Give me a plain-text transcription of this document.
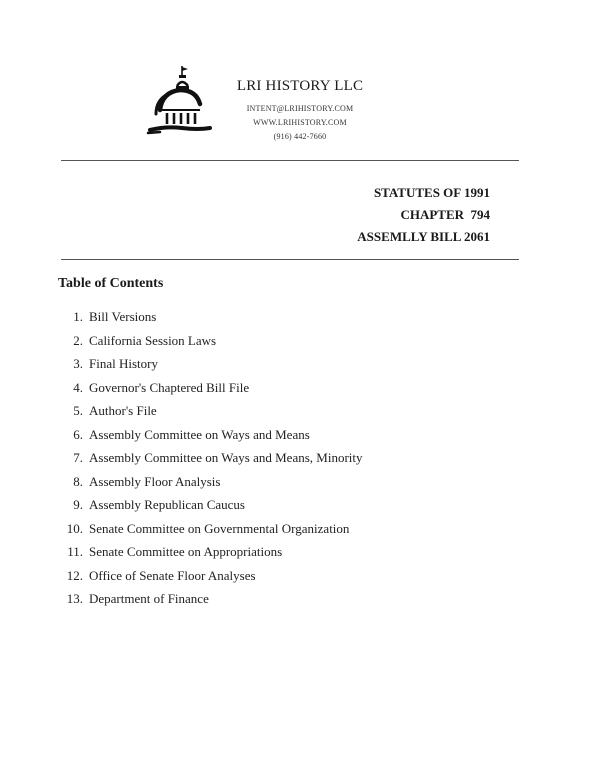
LRI HISTORY LLC
INTENT@LRIHISTORY.COM
WWW.LRIHISTORY.COM
(916) 442-7660
STATUTES OF 1991
CHAPTER  794
ASSEMLLY BILL 2061
Table of Contents
1. Bill Versions
2. California Session Laws
3. Final History
4. Governor's Chaptered Bill File
5. Author's File
6. Assembly Committee on Ways and Means
7. Assembly Committee on Ways and Means, Minority
8. Assembly Floor Analysis
9. Assembly Republican Caucus
10. Senate Committee on Governmental Organization
11. Senate Committee on Appropriations
12. Office of Senate Floor Analyses
13. Department of Finance
